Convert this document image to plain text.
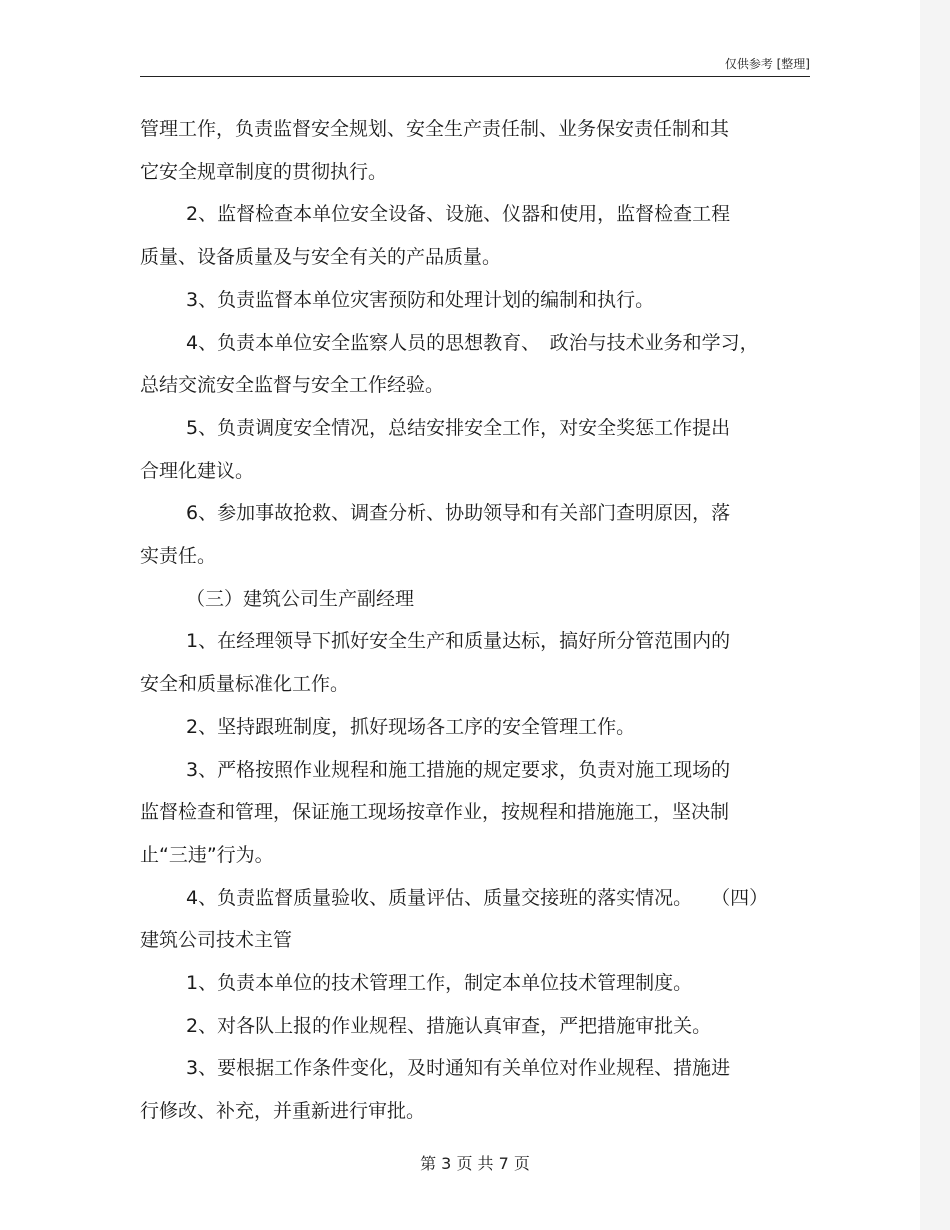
仅供参考 [整理]

管理工作，负责监督安全规划、安全生产责任制、业务保安责任制和其

它安全规章制度的贯彻执行。

2、监督检查本单位安全设备、设施、仪器和使用，监督检查工程

质量、设备质量及与安全有关的产品质量。

3、负责监督本单位灾害预防和处理计划的编制和执行。

4、负责本单位安全监察人员的思想教育、　政治与技术业务和学习，

总结交流安全监督与安全工作经验。

5、负责调度安全情况，总结安排安全工作，对安全奖惩工作提出

合理化建议。

6、参加事故抢救、调查分析、协助领导和有关部门查明原因，落

实责任。

（三）建筑公司生产副经理

1、在经理领导下抓好安全生产和质量达标，搞好所分管范围内的

安全和质量标准化工作。

2、坚持跟班制度，抓好现场各工序的安全管理工作。

3、严格按照作业规程和施工措施的规定要求，负责对施工现场的

监督检查和管理，保证施工现场按章作业，按规程和措施施工，坚决制

止“三违”行为。

4、负责监督质量验收、质量评估、质量交接班的落实情况。　　（四）

建筑公司技术主管

1、负责本单位的技术管理工作，制定本单位技术管理制度。

2、对各队上报的作业规程、措施认真审查，严把措施审批关。

3、要根据工作条件变化，及时通知有关单位对作业规程、措施进

行修改、补充，并重新进行审批。

第 3 页 共 7 页
